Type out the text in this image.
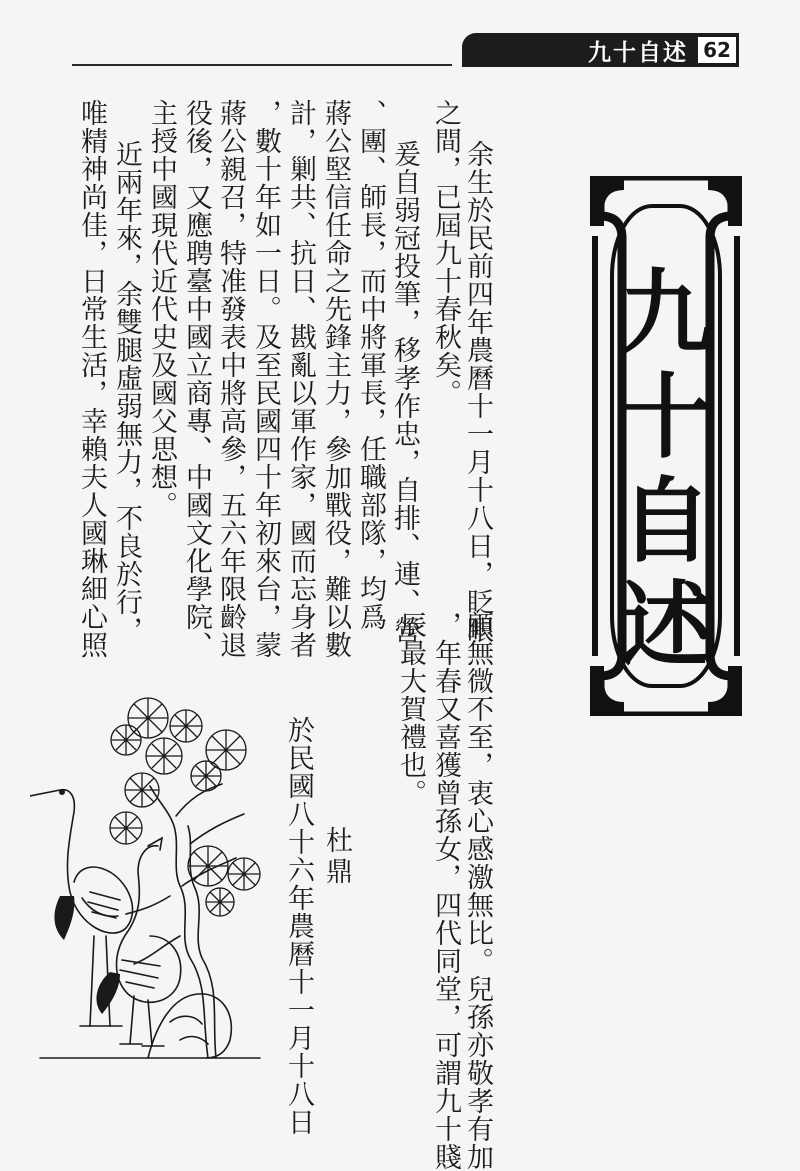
九十自述 62
九
十
自
述
余生於民前四年農曆十一月十八日，眨眼
之間，已屆九十春秋矣。
爰自弱冠投筆，移孝作忠，自排、連、營
、團、師長，而中將軍長，任職部隊，均爲
蔣公堅信任命之先鋒主力，參加戰役，難以數
計，剿共、抗日、戡亂以軍作家，國而忘身者
，數十年如一日。及至民國四十年初來台，蒙
蔣公親召，特准發表中將高參，五六年限齡退
役後，又應聘臺中國立商專、中國文化學院、
主授中國現代近代史及國父思想。
近兩年來，余雙腿虛弱無力，不良於行，
唯精神尚佳，日常生活，幸賴夫人國琳細心照
顧無微不至，衷心感激無比。兒孫亦敬孝有加
，年春又喜獲曾孫女，四代同堂，可謂九十賤
辰最大賀禮也。
杜鼎
於民國八十六年農曆十一月十八日
